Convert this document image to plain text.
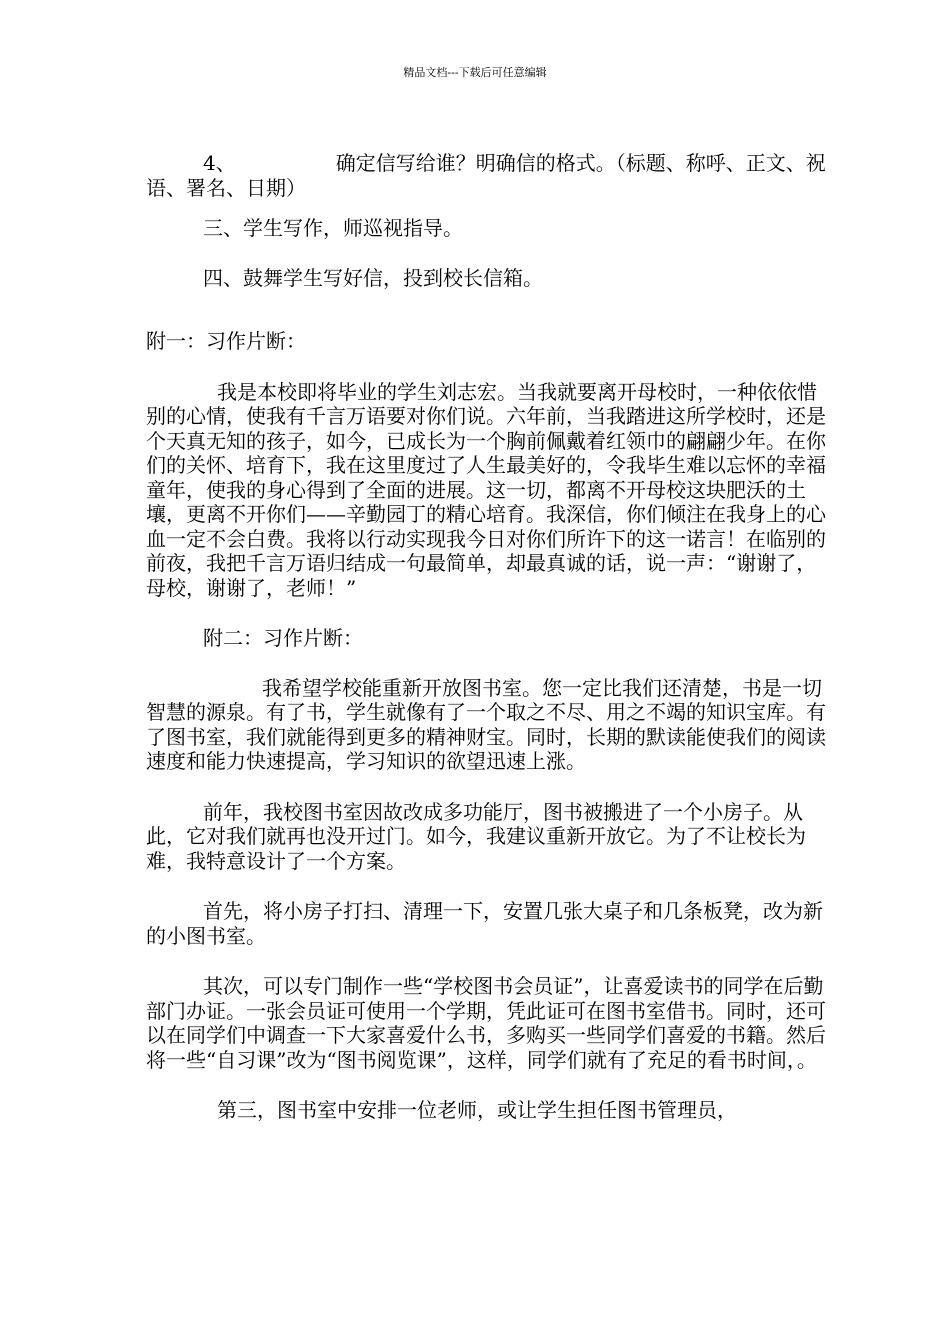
精品文档---下载后可任意编辑

4、	确定信写给谁？明确信的格式。（标题、称呼、正文、祝语、署名、日期）

三、学生写作，师巡视指导。

四、鼓舞学生写好信，投到校长信箱。

附一：习作片断：

我是本校即将毕业的学生刘志宏。当我就要离开母校时，一种依依惜别的心情，使我有千言万语要对你们说。六年前，当我踏进这所学校时，还是个天真无知的孩子，如今，已成长为一个胸前佩戴着红领巾的翩翩少年。在你们的关怀、培育下，我在这里度过了人生最美好的，令我毕生难以忘怀的幸福童年，使我的身心得到了全面的进展。这一切，都离不开母校这块肥沃的土壤，更离不开你们——辛勤园丁的精心培育。我深信，你们倾注在我身上的心血一定不会白费。我将以行动实现我今日对你们所许下的这一诺言！在临别的前夜，我把千言万语归结成一句最简单，却最真诚的话，说一声：“谢谢了，母校，谢谢了，老师！”

附二：习作片断：

我希望学校能重新开放图书室。您一定比我们还清楚，书是一切智慧的源泉。有了书，学生就像有了一个取之不尽、用之不竭的知识宝库。有了图书室，我们就能得到更多的精神财宝。同时，长期的默读能使我们的阅读速度和能力快速提高，学习知识的欲望迅速上涨。

前年，我校图书室因故改成多功能厅，图书被搬进了一个小房子。从此，它对我们就再也没开过门。如今，我建议重新开放它。为了不让校长为难，我特意设计了一个方案。

首先，将小房子打扫、清理一下，安置几张大桌子和几条板凳，改为新的小图书室。

其次，可以专门制作一些“学校图书会员证”，让喜爱读书的同学在后勤部门办证。一张会员证可使用一个学期，凭此证可在图书室借书。同时，还可以在同学们中调查一下大家喜爱什么书，多购买一些同学们喜爱的书籍。然后将一些“自习课”改为“图书阅览课”，这样，同学们就有了充足的看书时间，。

第三，图书室中安排一位老师，或让学生担任图书管理员，
